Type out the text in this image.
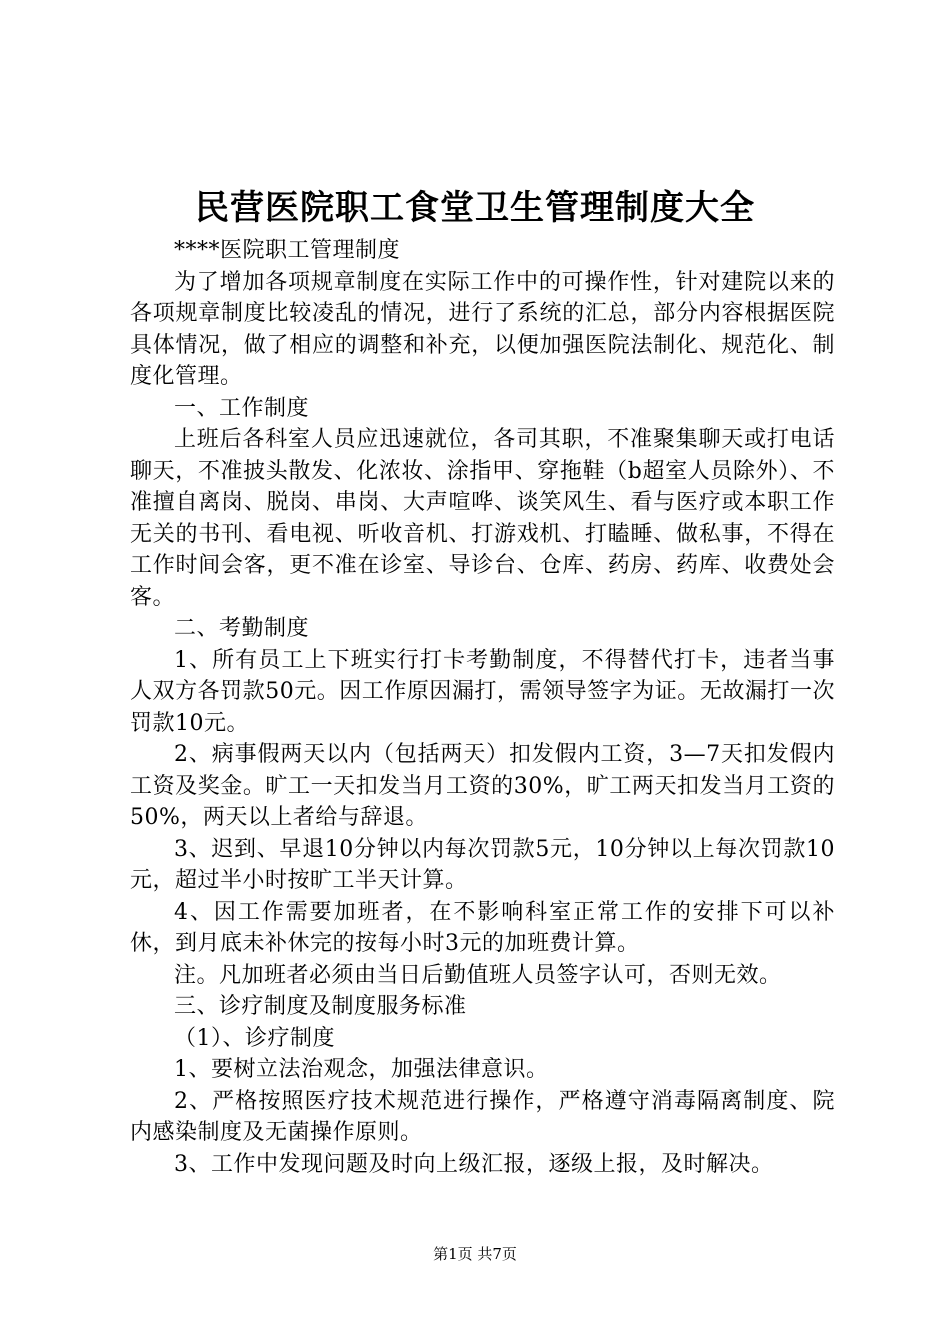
民营医院职工食堂卫生管理制度大全

****医院职工管理制度

为了增加各项规章制度在实际工作中的可操作性，针对建院以来的各项规章制度比较凌乱的情况，进行了系统的汇总，部分内容根据医院具体情况，做了相应的调整和补充，以便加强医院法制化、规范化、制度化管理。

一、工作制度

上班后各科室人员应迅速就位，各司其职，不准聚集聊天或打电话聊天，不准披头散发、化浓妆、涂指甲、穿拖鞋（b超室人员除外）、不准擅自离岗、脱岗、串岗、大声喧哗、谈笑风生、看与医疗或本职工作无关的书刊、看电视、听收音机、打游戏机、打瞌睡、做私事，不得在工作时间会客，更不准在诊室、导诊台、仓库、药房、药库、收费处会客。

二、考勤制度

1、所有员工上下班实行打卡考勤制度，不得替代打卡，违者当事人双方各罚款50元。因工作原因漏打，需领导签字为证。无故漏打一次罚款10元。

2、病事假两天以内（包括两天）扣发假内工资，3—7天扣发假内工资及奖金。旷工一天扣发当月工资的30%，旷工两天扣发当月工资的50%，两天以上者给与辞退。

3、迟到、早退10分钟以内每次罚款5元，10分钟以上每次罚款10元，超过半小时按旷工半天计算。

4、因工作需要加班者，在不影响科室正常工作的安排下可以补休，到月底未补休完的按每小时3元的加班费计算。

注。凡加班者必须由当日后勤值班人员签字认可，否则无效。

三、诊疗制度及制度服务标准

（1）、诊疗制度

1、要树立法治观念，加强法律意识。

2、严格按照医疗技术规范进行操作，严格遵守消毒隔离制度、院内感染制度及无菌操作原则。

3、工作中发现问题及时向上级汇报，逐级上报，及时解决。

第1页 共7页
